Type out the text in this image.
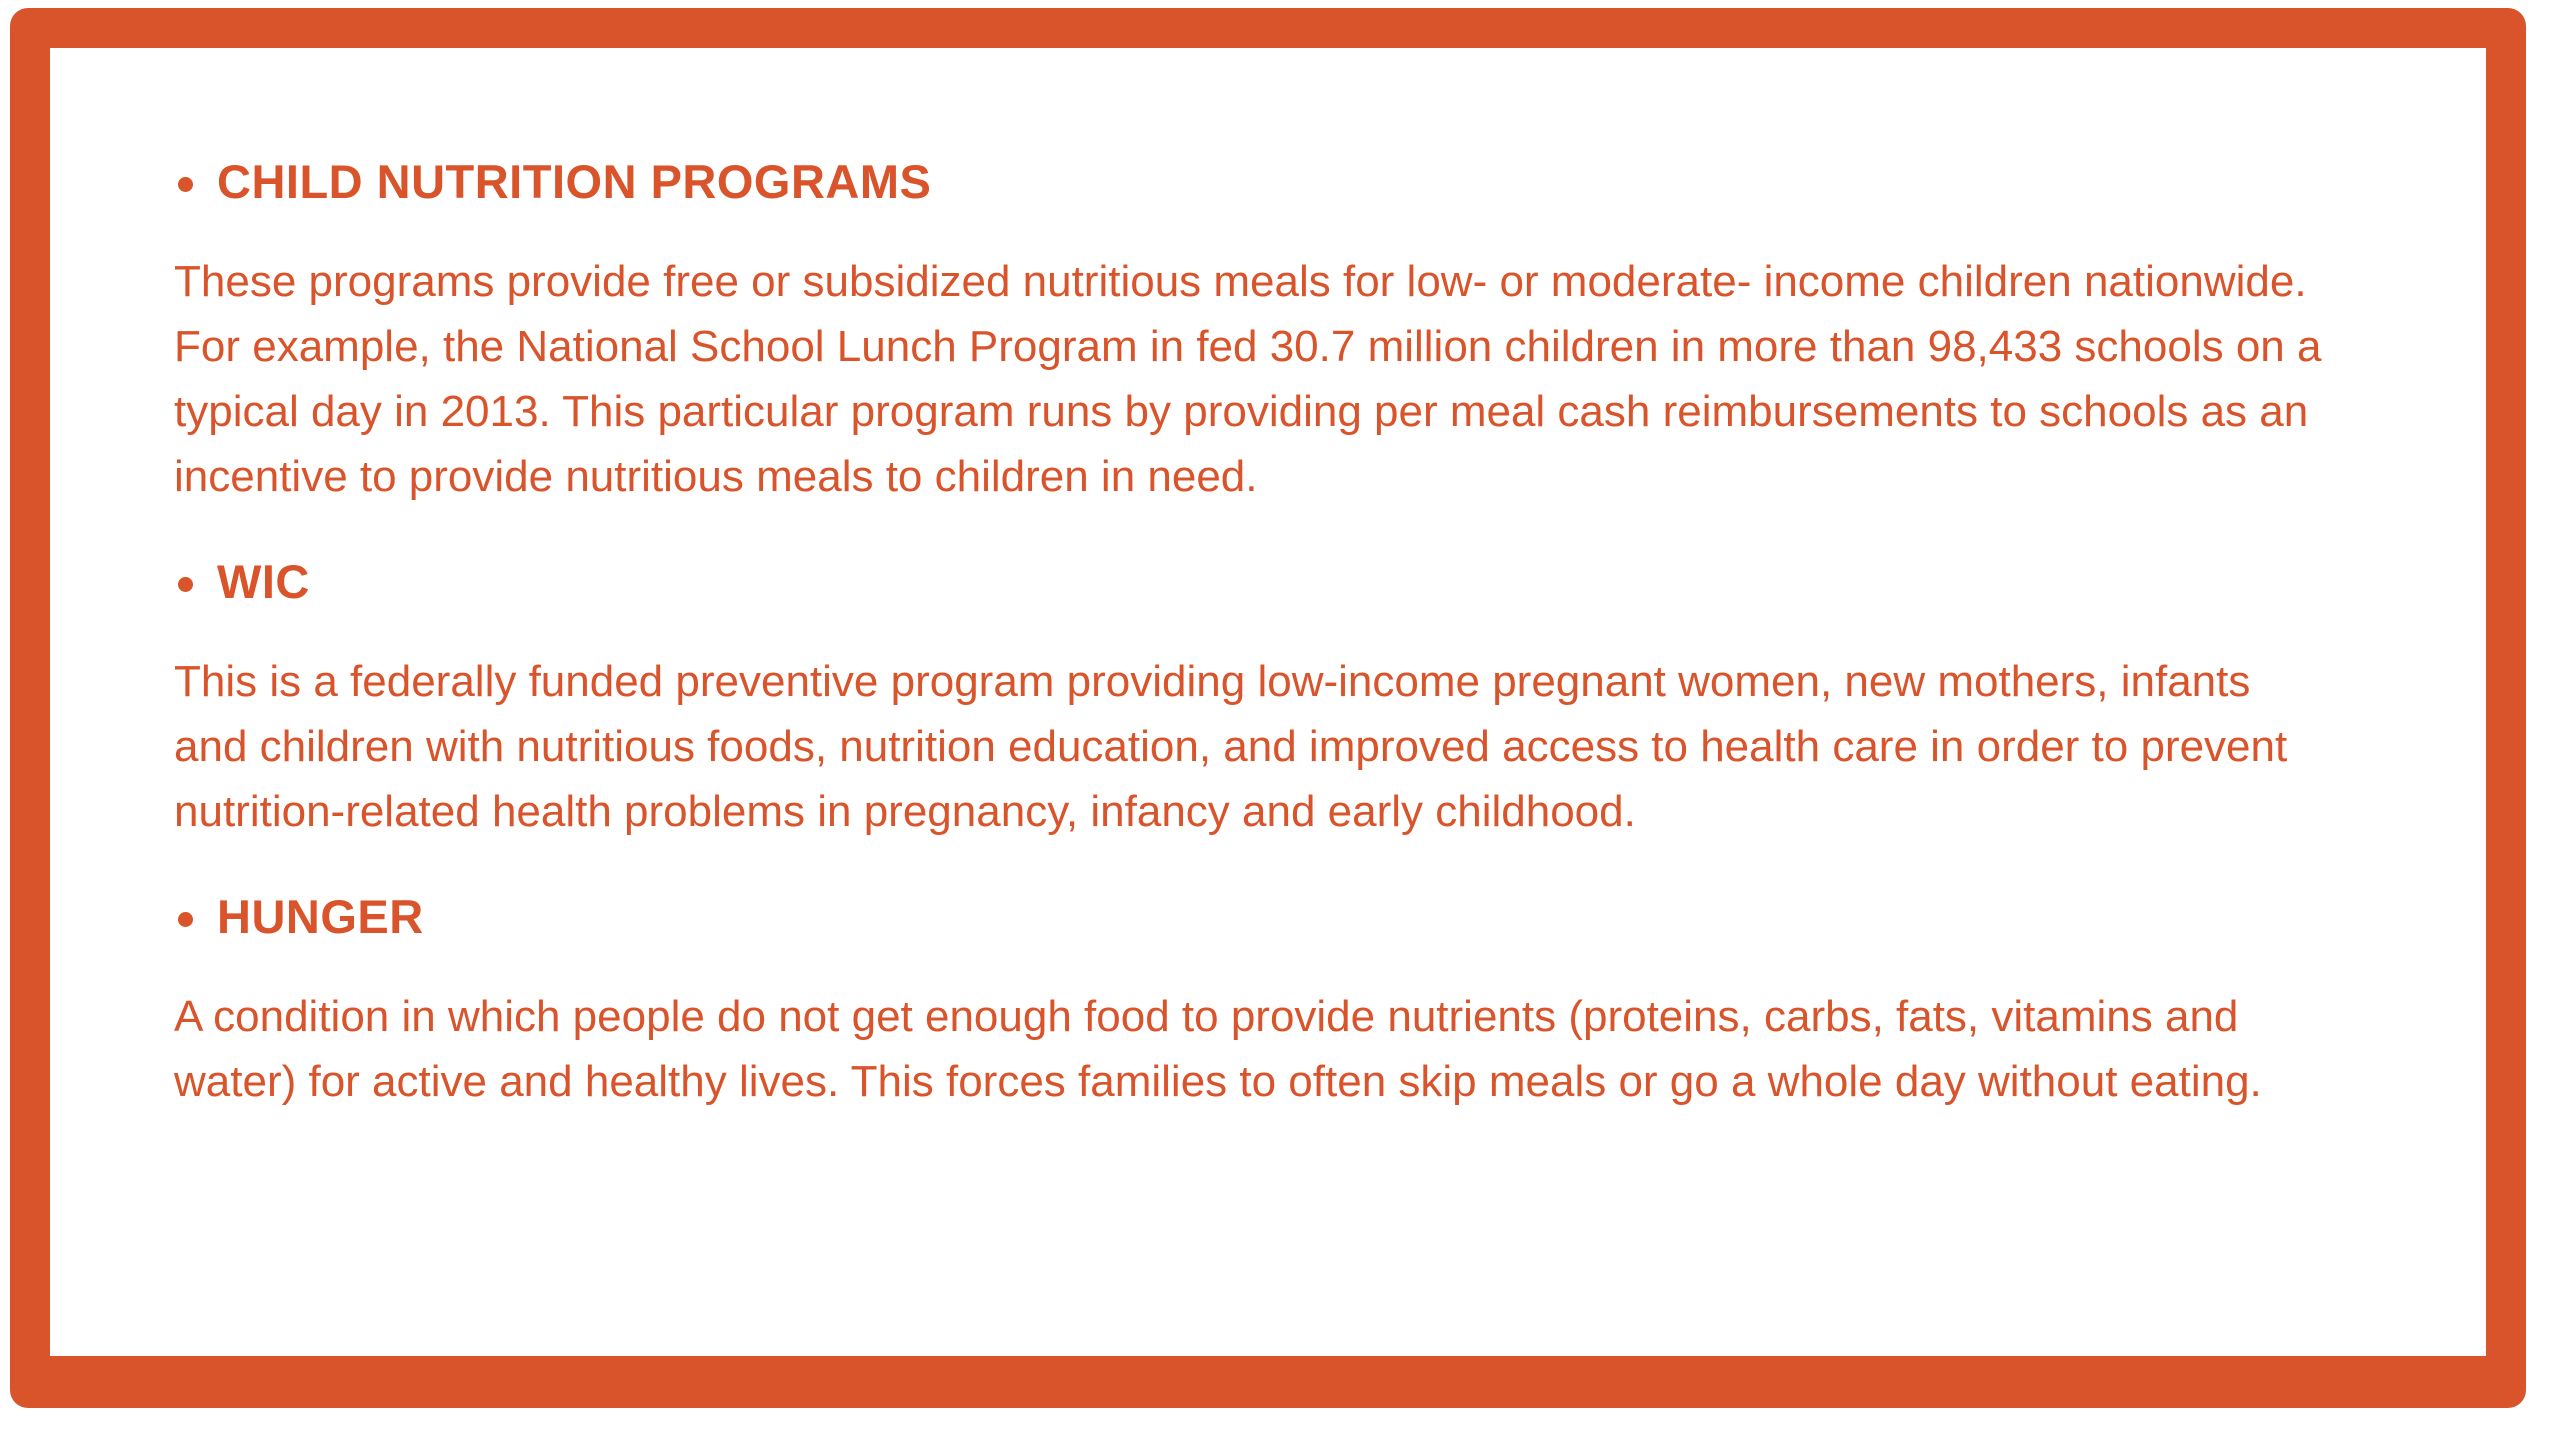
CHILD NUTRITION PROGRAMS

These programs provide free or subsidized nutritious meals for low- or moderate- income children nationwide. For example, the National School Lunch Program in fed 30.7 million children in more than 98,433 schools on a typical day in 2013. This particular program runs by providing per meal cash reimbursements to schools as an incentive to provide nutritious meals to children in need.

WIC

This is a federally funded preventive program providing low-income pregnant women, new mothers, infants and children with nutritious foods, nutrition education, and improved access to health care in order to prevent nutrition-related health problems in pregnancy, infancy and early childhood.

HUNGER

A condition in which people do not get enough food to provide nutrients (proteins, carbs, fats, vitamins and water) for active and healthy lives. This forces families to often skip meals or go a whole day without eating.
